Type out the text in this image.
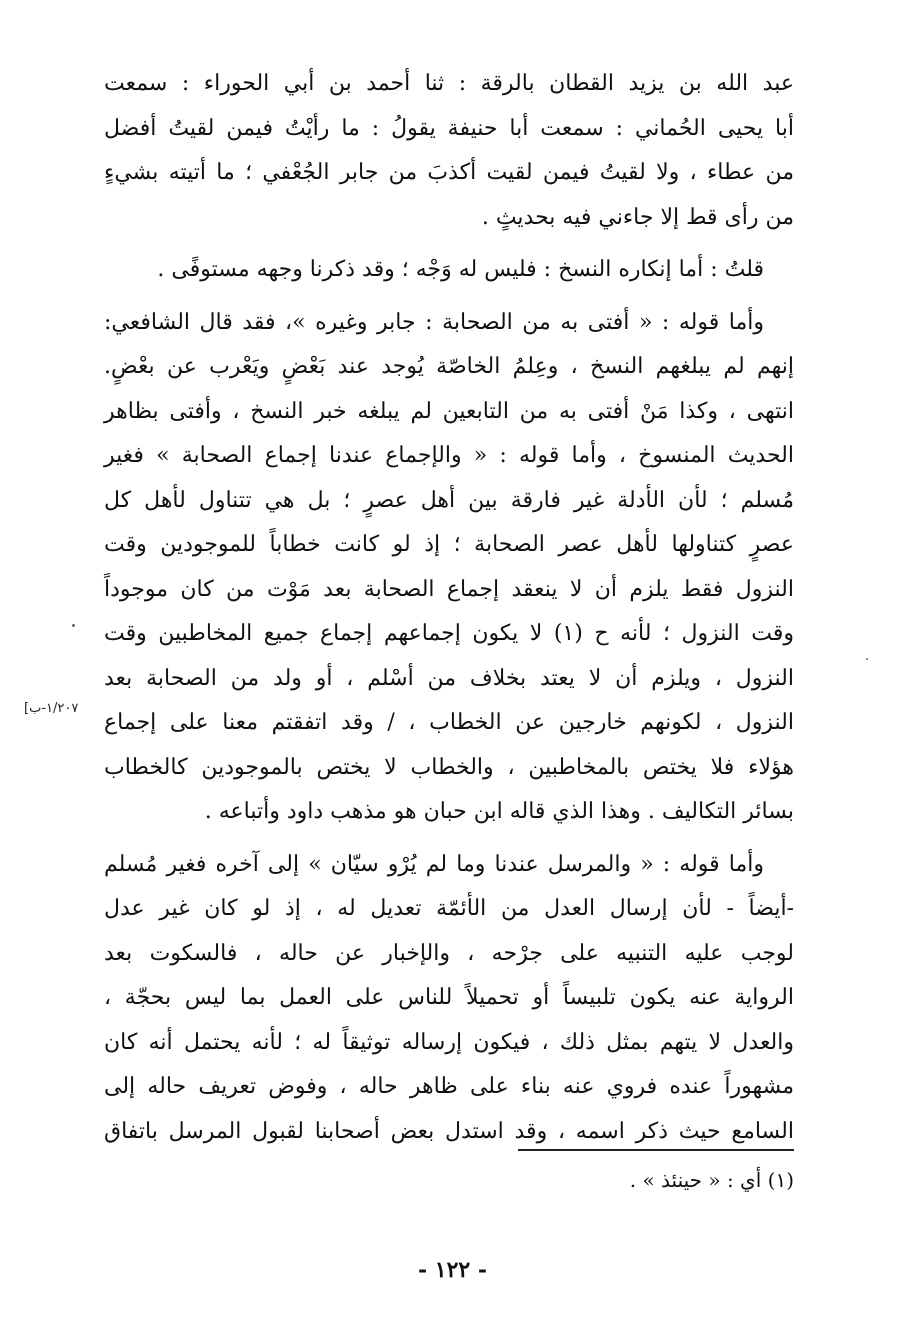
عبد الله بن يزيد القطان بالرقة : ثنا أحمد بن أبي الحوراء : سمعت
أبا يحيى الحُماني : سمعت أبا حنيفة يقولُ : ما رأيْتُ فيمن لقيتُ أفضل
من عطاء ، ولا لقيتُ فيمن لقيت أكذبَ من جابر الجُعْفي ؛ ما أتيته بشيءٍ
من رأى قط إلا جاءني فيه بحديثٍ .
قلتُ : أما إنكاره النسخ : فليس له وَجْه ؛ وقد ذكرنا وجهه مستوفًى .
وأما قوله : « أفتى به من الصحابة : جابر وغيره »، فقد قال الشافعي:
إنهم لم يبلغهم النسخ ، وعِلمُ الخاصّة يُوجد عند بَعْضٍ ويَعْرب عن بعْضٍ.
انتهى ، وكذا مَنْ أفتى به من التابعين لم يبلغه خبر النسخ ، وأفتى بظاهر
الحديث المنسوخ ، وأما قوله : « والإجماع عندنا إجماع الصحابة » فغير
مُسلم ؛ لأن الأدلة غير فارقة بين أهل عصرٍ ؛ بل هي تتناول لأهل كل
عصرٍ كتناولها لأهل عصر الصحابة ؛ إذ لو كانت خطاباً للموجودين وقت
النزول فقط يلزم أن لا ينعقد إجماع الصحابة بعد مَوْت من كان موجوداً
وقت النزول ؛ لأنه ح (١) لا يكون إجماعهم إجماع جميع المخاطبين وقت
النزول ، ويلزم أن لا يعتد بخلاف من أسْلم ، أو ولد من الصحابة بعد
النزول ، لكونهم خارجين عن الخطاب ، / وقد اتفقتم معنا على إجماع
هؤلاء فلا يختص بالمخاطبين ، والخطاب لا يختص بالموجودين كالخطاب
بسائر التكاليف . وهذا الذي قاله ابن حبان هو مذهب داود وأتباعه .
وأما قوله : « والمرسل عندنا وما لم يُرْو سيّان » إلى آخره فغير مُسلم
-أيضاً - لأن إرسال العدل من الأئمّة تعديل له ، إذ لو كان غير عدل
لوجب عليه التنبيه على جرْحه ، والإخبار عن حاله ، فالسكوت بعد
الرواية عنه يكون تلبيساً أو تحميلاً للناس على العمل بما ليس بحجّة ،
والعدل لا يتهم بمثل ذلك ، فيكون إرساله توثيقاً له ؛ لأنه يحتمل أنه كان
مشهوراً عنده فروي عنه بناء على ظاهر حاله ، وفوض تعريف حاله إلى
السامع حيث ذكر اسمه ، وقد استدل بعض أصحابنا لقبول المرسل باتفاق
[١/٢٠٧-ب
(١) أي : « حينئذ » .
- ١٢٢ -
